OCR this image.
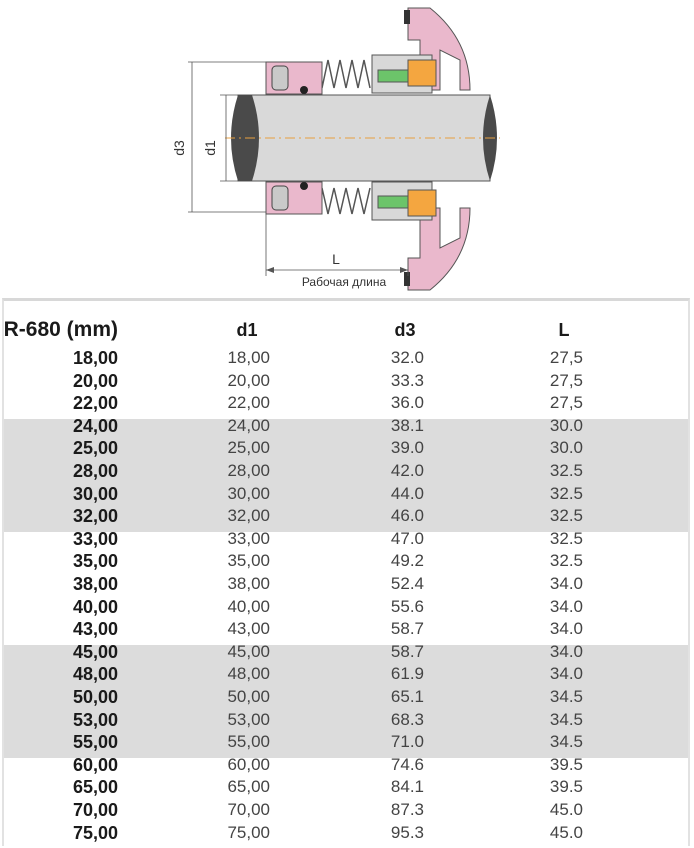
d3 d1
L
Рабочая длина
R-680 (mm)	d1	d3	L
18,00	18,00	32.0	27,5
20,00	20,00	33.3	27,5
22,00	22,00	36.0	27,5
24,00	24,00	38.1	30.0
25,00	25,00	39.0	30.0
28,00	28,00	42.0	32.5
30,00	30,00	44.0	32.5
32,00	32,00	46.0	32.5
33,00	33,00	47.0	32.5
35,00	35,00	49.2	32.5
38,00	38,00	52.4	34.0
40,00	40,00	55.6	34.0
43,00	43,00	58.7	34.0
45,00	45,00	58.7	34.0
48,00	48,00	61.9	34.0
50,00	50,00	65.1	34.5
53,00	53,00	68.3	34.5
55,00	55,00	71.0	34.5
60,00	60,00	74.6	39.5
65,00	65,00	84.1	39.5
70,00	70,00	87.3	45.0
75,00	75,00	95.3	45.0
